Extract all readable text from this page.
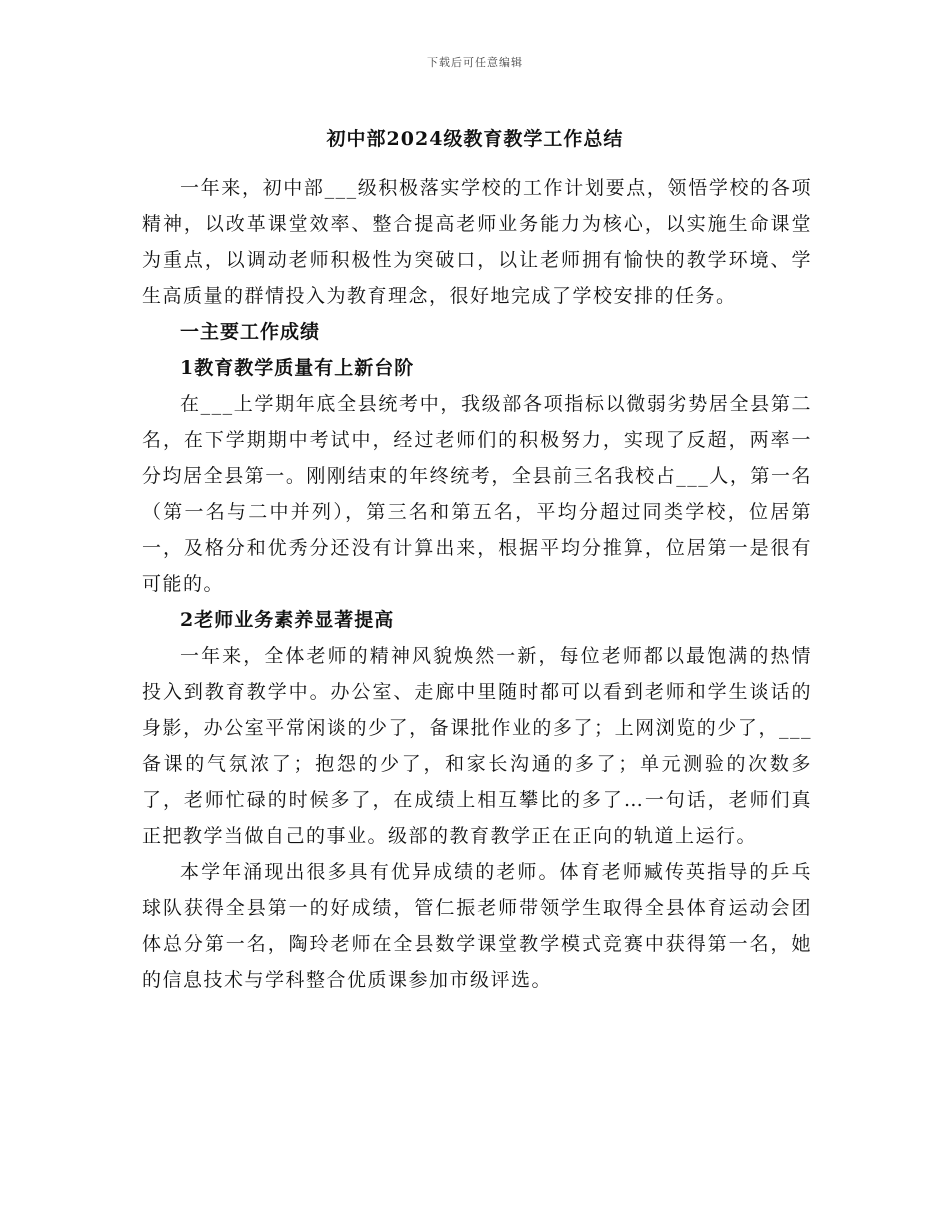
下载后可任意编辑
初中部2024级教育教学工作总结

一年来，初中部___级积极落实学校的工作计划要点，领悟学校的各项精神，以改革课堂效率、整合提高老师业务能力为核心，以实施生命课堂为重点，以调动老师积极性为突破口，以让老师拥有愉快的教学环境、学生高质量的群情投入为教育理念，很好地完成了学校安排的任务。

一主要工作成绩
1教育教学质量有上新台阶

在___上学期年底全县统考中，我级部各项指标以微弱劣势居全县第二名，在下学期期中考试中，经过老师们的积极努力，实现了反超，两率一分均居全县第一。刚刚结束的年终统考，全县前三名我校占___人，第一名（第一名与二中并列），第三名和第五名，平均分超过同类学校，位居第一，及格分和优秀分还没有计算出来，根据平均分推算，位居第一是很有可能的。

2老师业务素养显著提高

一年来，全体老师的精神风貌焕然一新，每位老师都以最饱满的热情投入到教育教学中。办公室、走廊中里随时都可以看到老师和学生谈话的身影，办公室平常闲谈的少了，备课批作业的多了；上网浏览的少了，___备课的气氛浓了；抱怨的少了，和家长沟通的多了；单元测验的次数多了，老师忙碌的时候多了，在成绩上相互攀比的多了…一句话，老师们真正把教学当做自己的事业。级部的教育教学正在正向的轨道上运行。

本学年涌现出很多具有优异成绩的老师。体育老师臧传英指导的乒乓球队获得全县第一的好成绩，管仁振老师带领学生取得全县体育运动会团体总分第一名，陶玲老师在全县数学课堂教学模式竞赛中获得第一名，她的信息技术与学科整合优质课参加市级评选。
